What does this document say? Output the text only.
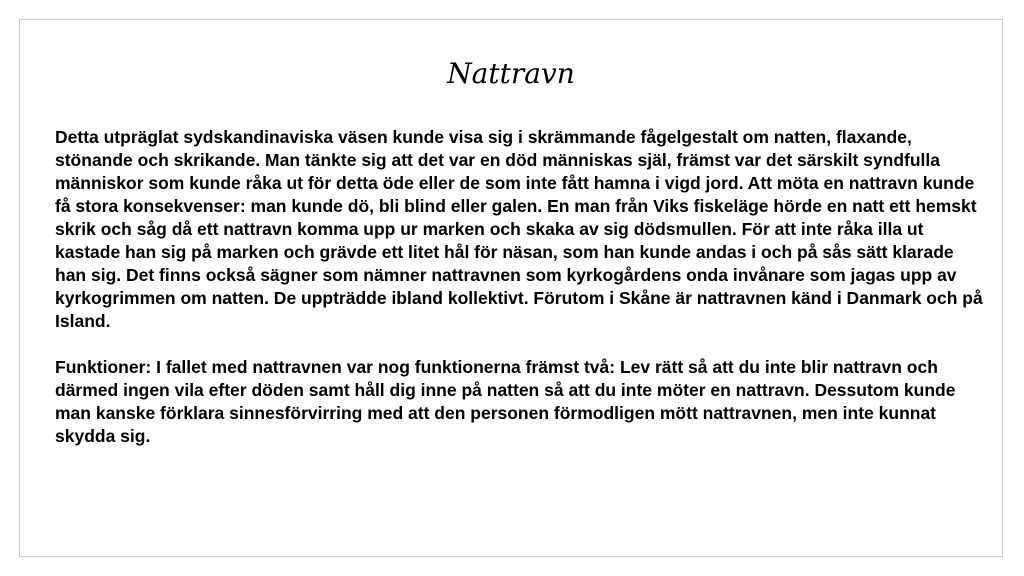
Nattravn

Detta utpräglat sydskandinaviska väsen kunde visa sig i skrämmande fågelgestalt om natten, flaxande, stönande och skrikande. Man tänkte sig att det var en död människas själ, främst var det särskilt syndfulla människor som kunde råka ut för detta öde eller de som inte fått hamna i vigd jord. Att möta en nattravn kunde få stora konsekvenser: man kunde dö, bli blind eller galen. En man från Viks fiskeläge hörde en natt ett hemskt skrik och såg då ett nattravn komma upp ur marken och skaka av sig dödsmullen. För att inte råka illa ut kastade han sig på marken och grävde ett litet hål för näsan, som han kunde andas i och på sås sätt klarade han sig. Det finns också sägner som nämner nattravnen som kyrkogårdens onda invånare som jagas upp av kyrkogrimmen om natten. De uppträdde ibland kollektivt. Förutom i Skåne är nattravnen känd i Danmark och på Island.

Funktioner: I fallet med nattravnen var nog funktionerna främst två: Lev rätt så att du inte blir nattravn och därmed ingen vila efter döden samt håll dig inne på natten så att du inte möter en nattravn. Dessutom kunde man kanske förklara sinnesförvirring med att den personen förmodligen mött nattravnen, men inte kunnat skydda sig.
